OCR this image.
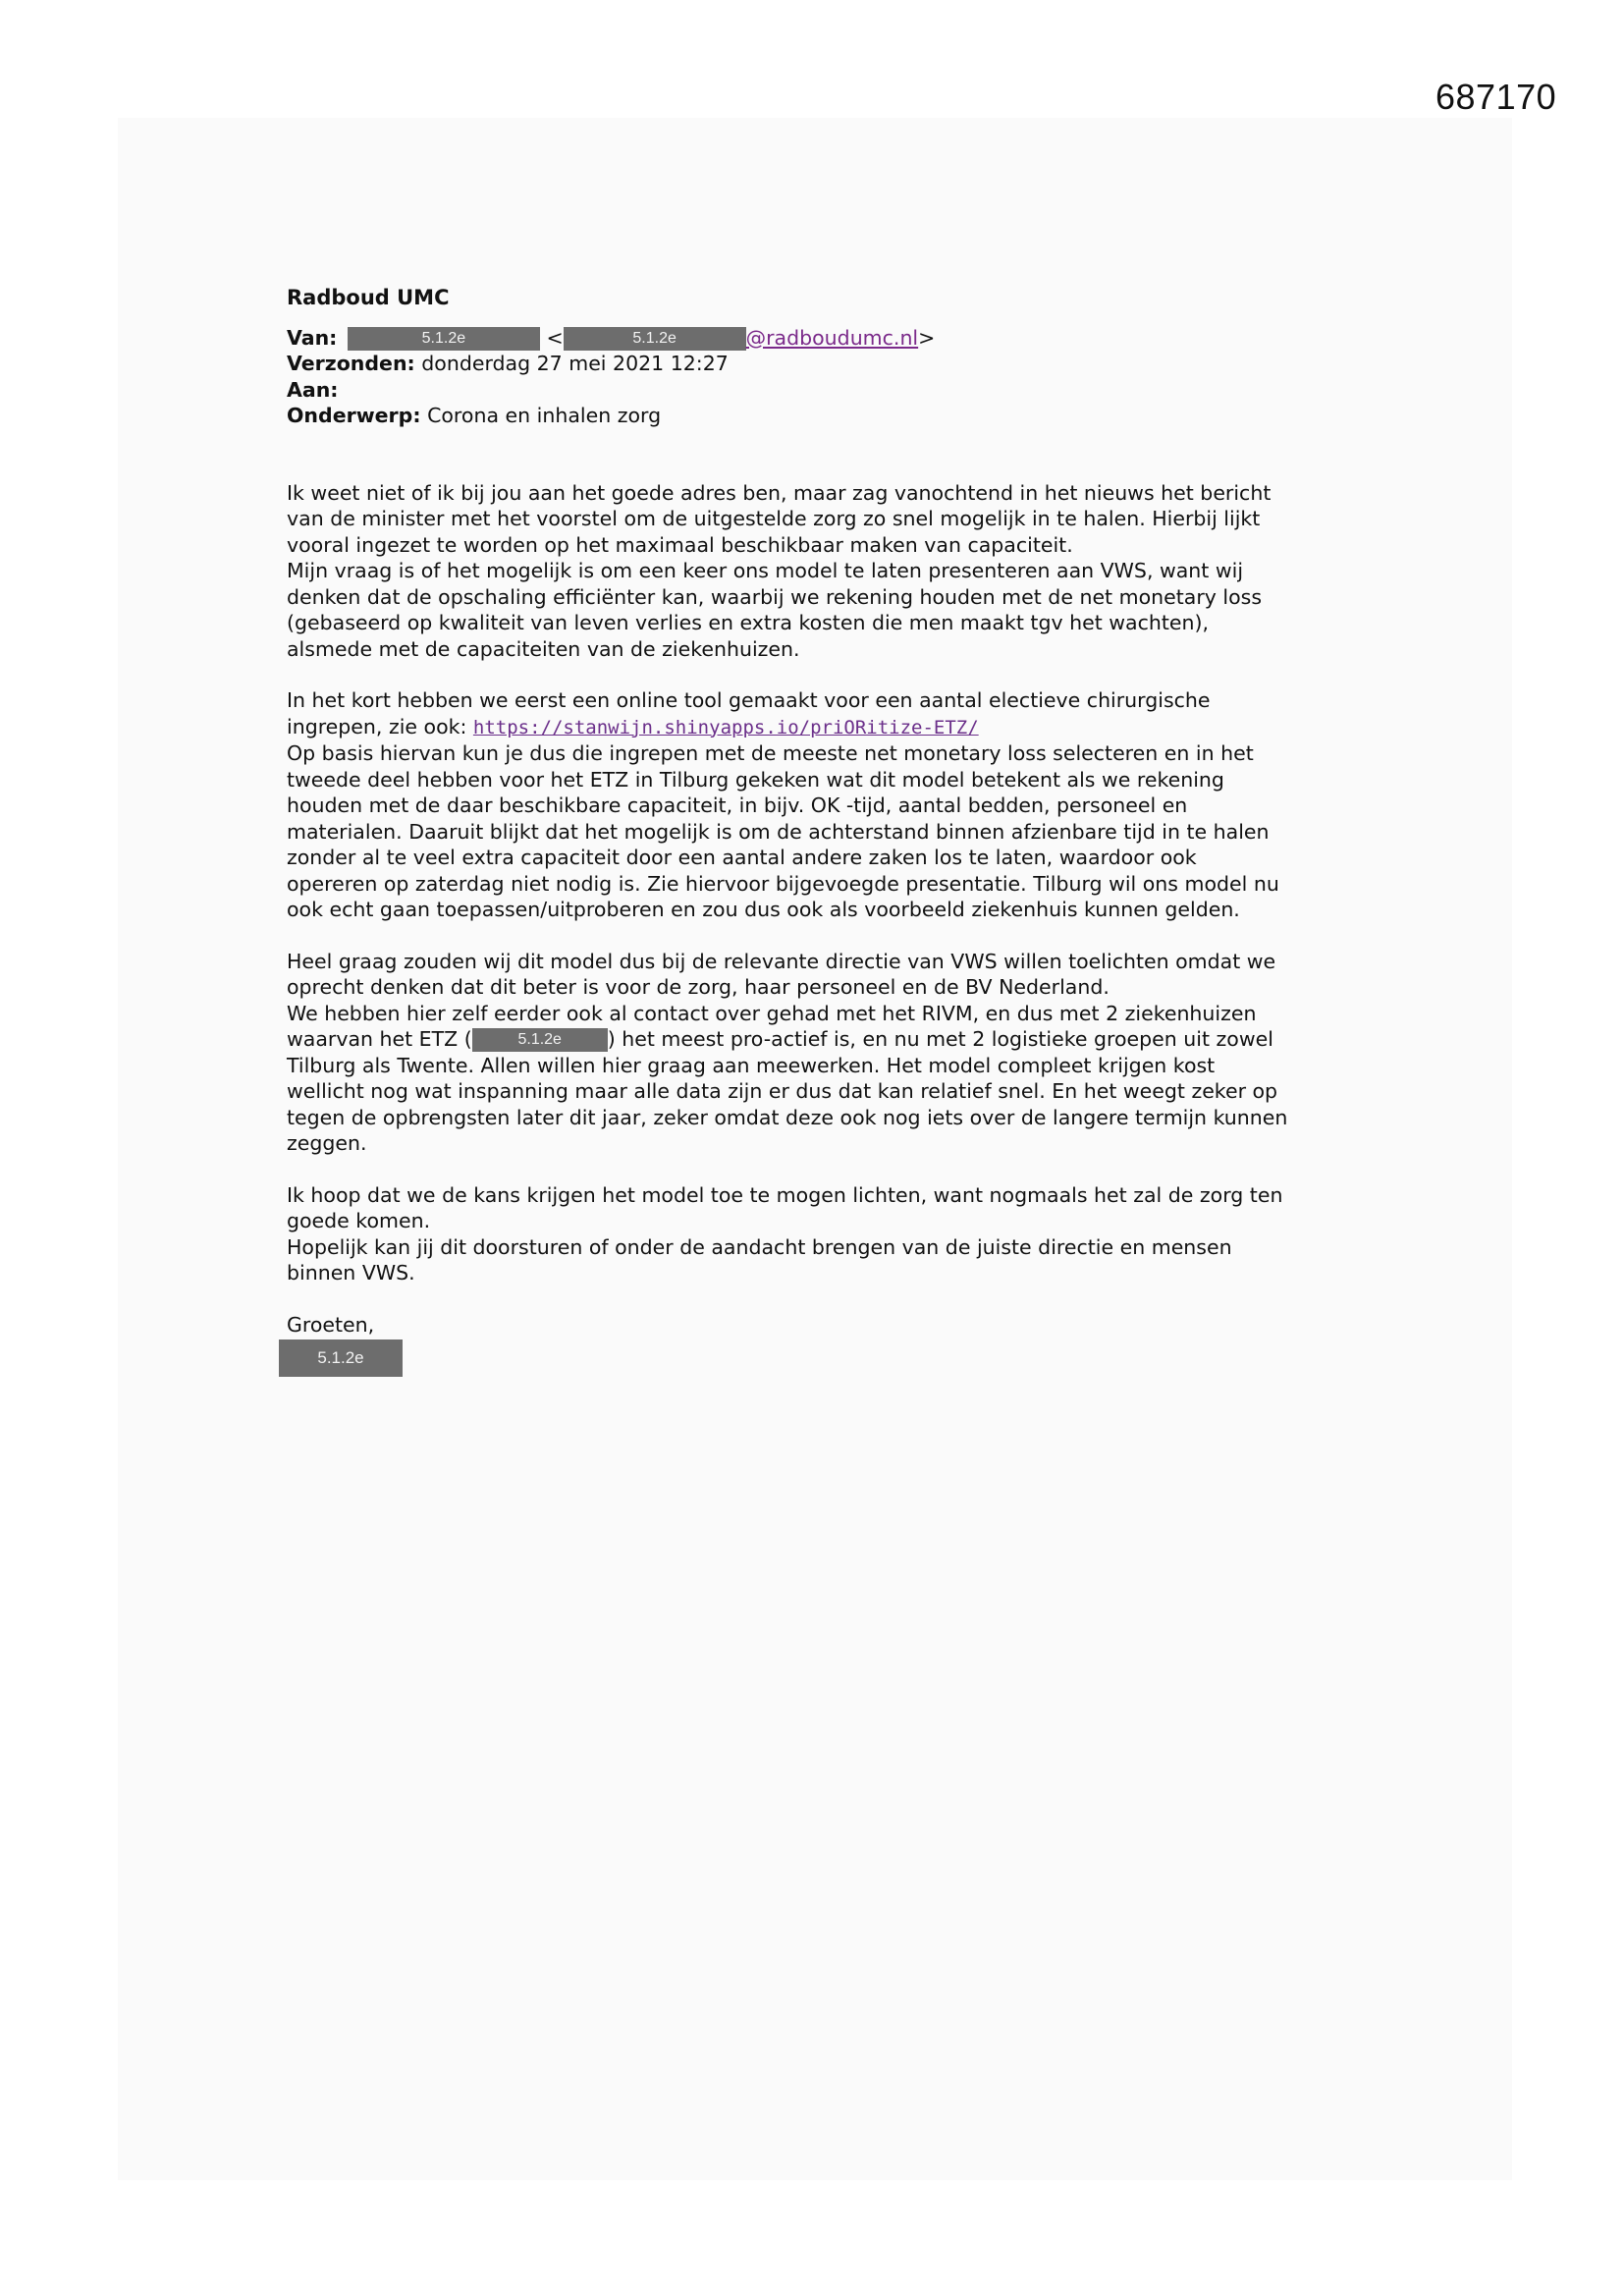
687170
Radboud UMC

Van:	5.1.2e	<	5.1.2e	@radboudumc.nl>

Verzonden: donderdag 27 mei 2021 12:27

Aan:

Onderwerp: Corona en inhalen zorg

Ik weet niet of ik bij jou aan het goede adres ben, maar zag vanochtend in het nieuws het bericht
van de minister met het voorstel om de uitgestelde zorg zo snel mogelijk in te halen. Hierbij lijkt
vooral ingezet te worden op het maximaal beschikbaar maken van capaciteit.
Mijn vraag is of het mogelijk is om een keer ons model te laten presenteren aan VWS, want wij
denken dat de opschaling efficiënter kan, waarbij we rekening houden met de net monetary loss
(gebaseerd op kwaliteit van leven verlies en extra kosten die men maakt tgv het wachten),
alsmede met de capaciteiten van de ziekenhuizen.

In het kort hebben we eerst een online tool gemaakt voor een aantal electieve chirurgische
ingrepen, zie ook: https://stanwijn.shinyapps.io/priORitize-ETZ/
Op basis hiervan kun je dus die ingrepen met de meeste net monetary loss selecteren en in het
tweede deel hebben voor het ETZ in Tilburg gekeken wat dit model betekent als we rekening
houden met de daar beschikbare capaciteit, in bijv. OK -tijd, aantal bedden, personeel en
materialen. Daaruit blijkt dat het mogelijk is om de achterstand binnen afzienbare tijd in te halen
zonder al te veel extra capaciteit door een aantal andere zaken los te laten, waardoor ook
opereren op zaterdag niet nodig is. Zie hiervoor bijgevoegde presentatie. Tilburg wil ons model nu
ook echt gaan toepassen/uitproberen en zou dus ook als voorbeeld ziekenhuis kunnen gelden.

Heel graag zouden wij dit model dus bij de relevante directie van VWS willen toelichten omdat we
oprecht denken dat dit beter is voor de zorg, haar personeel en de BV Nederland.
We hebben hier zelf eerder ook al contact over gehad met het RIVM, en dus met 2 ziekenhuizen
waarvan het ETZ (	5.1.2e ) het meest pro-actief is, en nu met 2 logistieke groepen uit zowel
Tilburg als Twente. Allen willen hier graag aan meewerken. Het model compleet krijgen kost
wellicht nog wat inspanning maar alle data zijn er dus dat kan relatief snel. En het weegt zeker op
tegen de opbrengsten later dit jaar, zeker omdat deze ook nog iets over de langere termijn kunnen
zeggen.

Ik hoop dat we de kans krijgen het model toe te mogen lichten, want nogmaals het zal de zorg ten
goede komen.
Hopelijk kan jij dit doorsturen of onder de aandacht brengen van de juiste directie en mensen
binnen VWS.

Groeten,
5.1.2e
